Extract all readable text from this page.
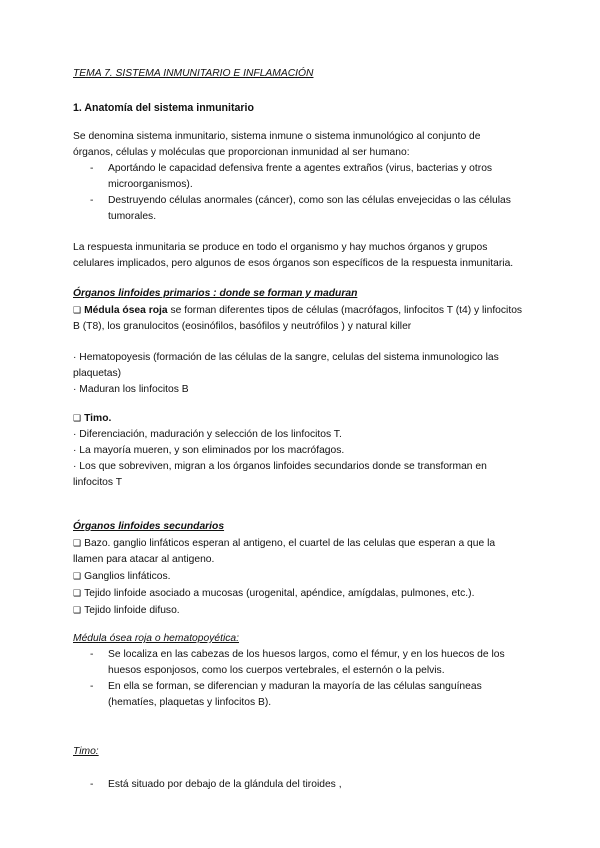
TEMA 7. SISTEMA INMUNITARIO E INFLAMACIÓN

1. Anatomía del sistema inmunitario

Se denomina sistema inmunitario, sistema inmune o sistema inmunológico al conjunto de órganos, células y moléculas que proporcionan inmunidad al ser humano:

- Aportándo le capacidad defensiva frente a agentes extraños (virus, bacterias y otros microorganismos).
- Destruyendo células anormales (cáncer), como son las células envejecidas o las células tumorales.

La respuesta inmunitaria se produce en todo el organismo y hay muchos órganos y grupos celulares implicados, pero algunos de esos órganos son específicos de la respuesta inmunitaria.

Órganos linfoides primarios : donde se forman y maduran

❑ Médula ósea roja se forman diferentes tipos de células (macrófagos, linfocitos T (t4) y linfocitos B (T8), los granulocitos (eosinófilos, basófilos y neutrófilos ) y natural killer

· Hematopoyesis (formación de las células de la sangre, celulas del sistema inmunologico las plaquetas)

· Maduran los linfocitos B

❑ Timo.

· Diferenciación, maduración y selección de los linfocitos T.

· La mayoría mueren, y son eliminados por los macrófagos.

· Los que sobreviven, migran a los órganos linfoides secundarios donde se transforman en linfocitos T

Órganos linfoides secundarios

❑ Bazo. ganglio linfáticos esperan al antigeno, el cuartel de las celulas que esperan a que la llamen para atacar al antigeno.

❑ Ganglios linfáticos.

❑ Tejido linfoide asociado a mucosas (urogenital, apéndice, amígdalas, pulmones, etc.).

❑ Tejido linfoide difuso.

Médula ósea roja o hematopoyética:

- Se localiza en las cabezas de los huesos largos, como el fémur, y en los huecos de los huesos esponjosos, como los cuerpos vertebrales, el esternón o la pelvis.
- En ella se forman, se diferencian y maduran la mayoría de las células sanguíneas (hematíes, plaquetas y linfocitos B).

Timo:

- Está situado por debajo de la glándula del tiroides ,
